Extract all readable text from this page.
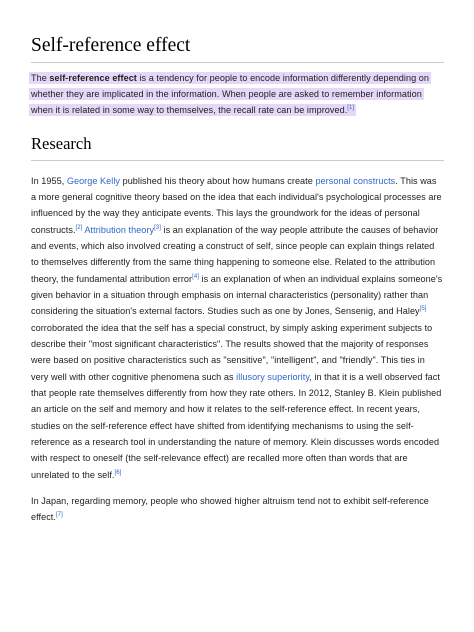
Self-reference effect

The self-reference effect is a tendency for people to encode information differently depending on whether they are implicated in the information. When people are asked to remember information when it is related in some way to themselves, the recall rate can be improved.[1]

Research

In 1955, George Kelly published his theory about how humans create personal constructs. This was a more general cognitive theory based on the idea that each individual's psychological processes are influenced by the way they anticipate events. This lays the groundwork for the ideas of personal constructs.[2] Attribution theory[3] is an explanation of the way people attribute the causes of behavior and events, which also involved creating a construct of self, since people can explain things related to themselves differently from the same thing happening to someone else. Related to the attribution theory, the fundamental attribution error[4] is an explanation of when an individual explains someone's given behavior in a situation through emphasis on internal characteristics (personality) rather than considering the situation's external factors. Studies such as one by Jones, Sensenig, and Haley[5] corroborated the idea that the self has a special construct, by simply asking experiment subjects to describe their "most significant characteristics". The results showed that the majority of responses were based on positive characteristics such as "sensitive", "intelligent", and "friendly". This ties in very well with other cognitive phenomena such as illusory superiority, in that it is a well observed fact that people rate themselves differently from how they rate others. In 2012, Stanley B. Klein published an article on the self and memory and how it relates to the self-reference effect. In recent years, studies on the self-reference effect have shifted from identifying mechanisms to using the self-reference as a research tool in understanding the nature of memory. Klein discusses words encoded with respect to oneself (the self-relevance effect) are recalled more often than words that are unrelated to the self.[6]

In Japan, regarding memory, people who showed higher altruism tend not to exhibit self-reference effect.[7]
